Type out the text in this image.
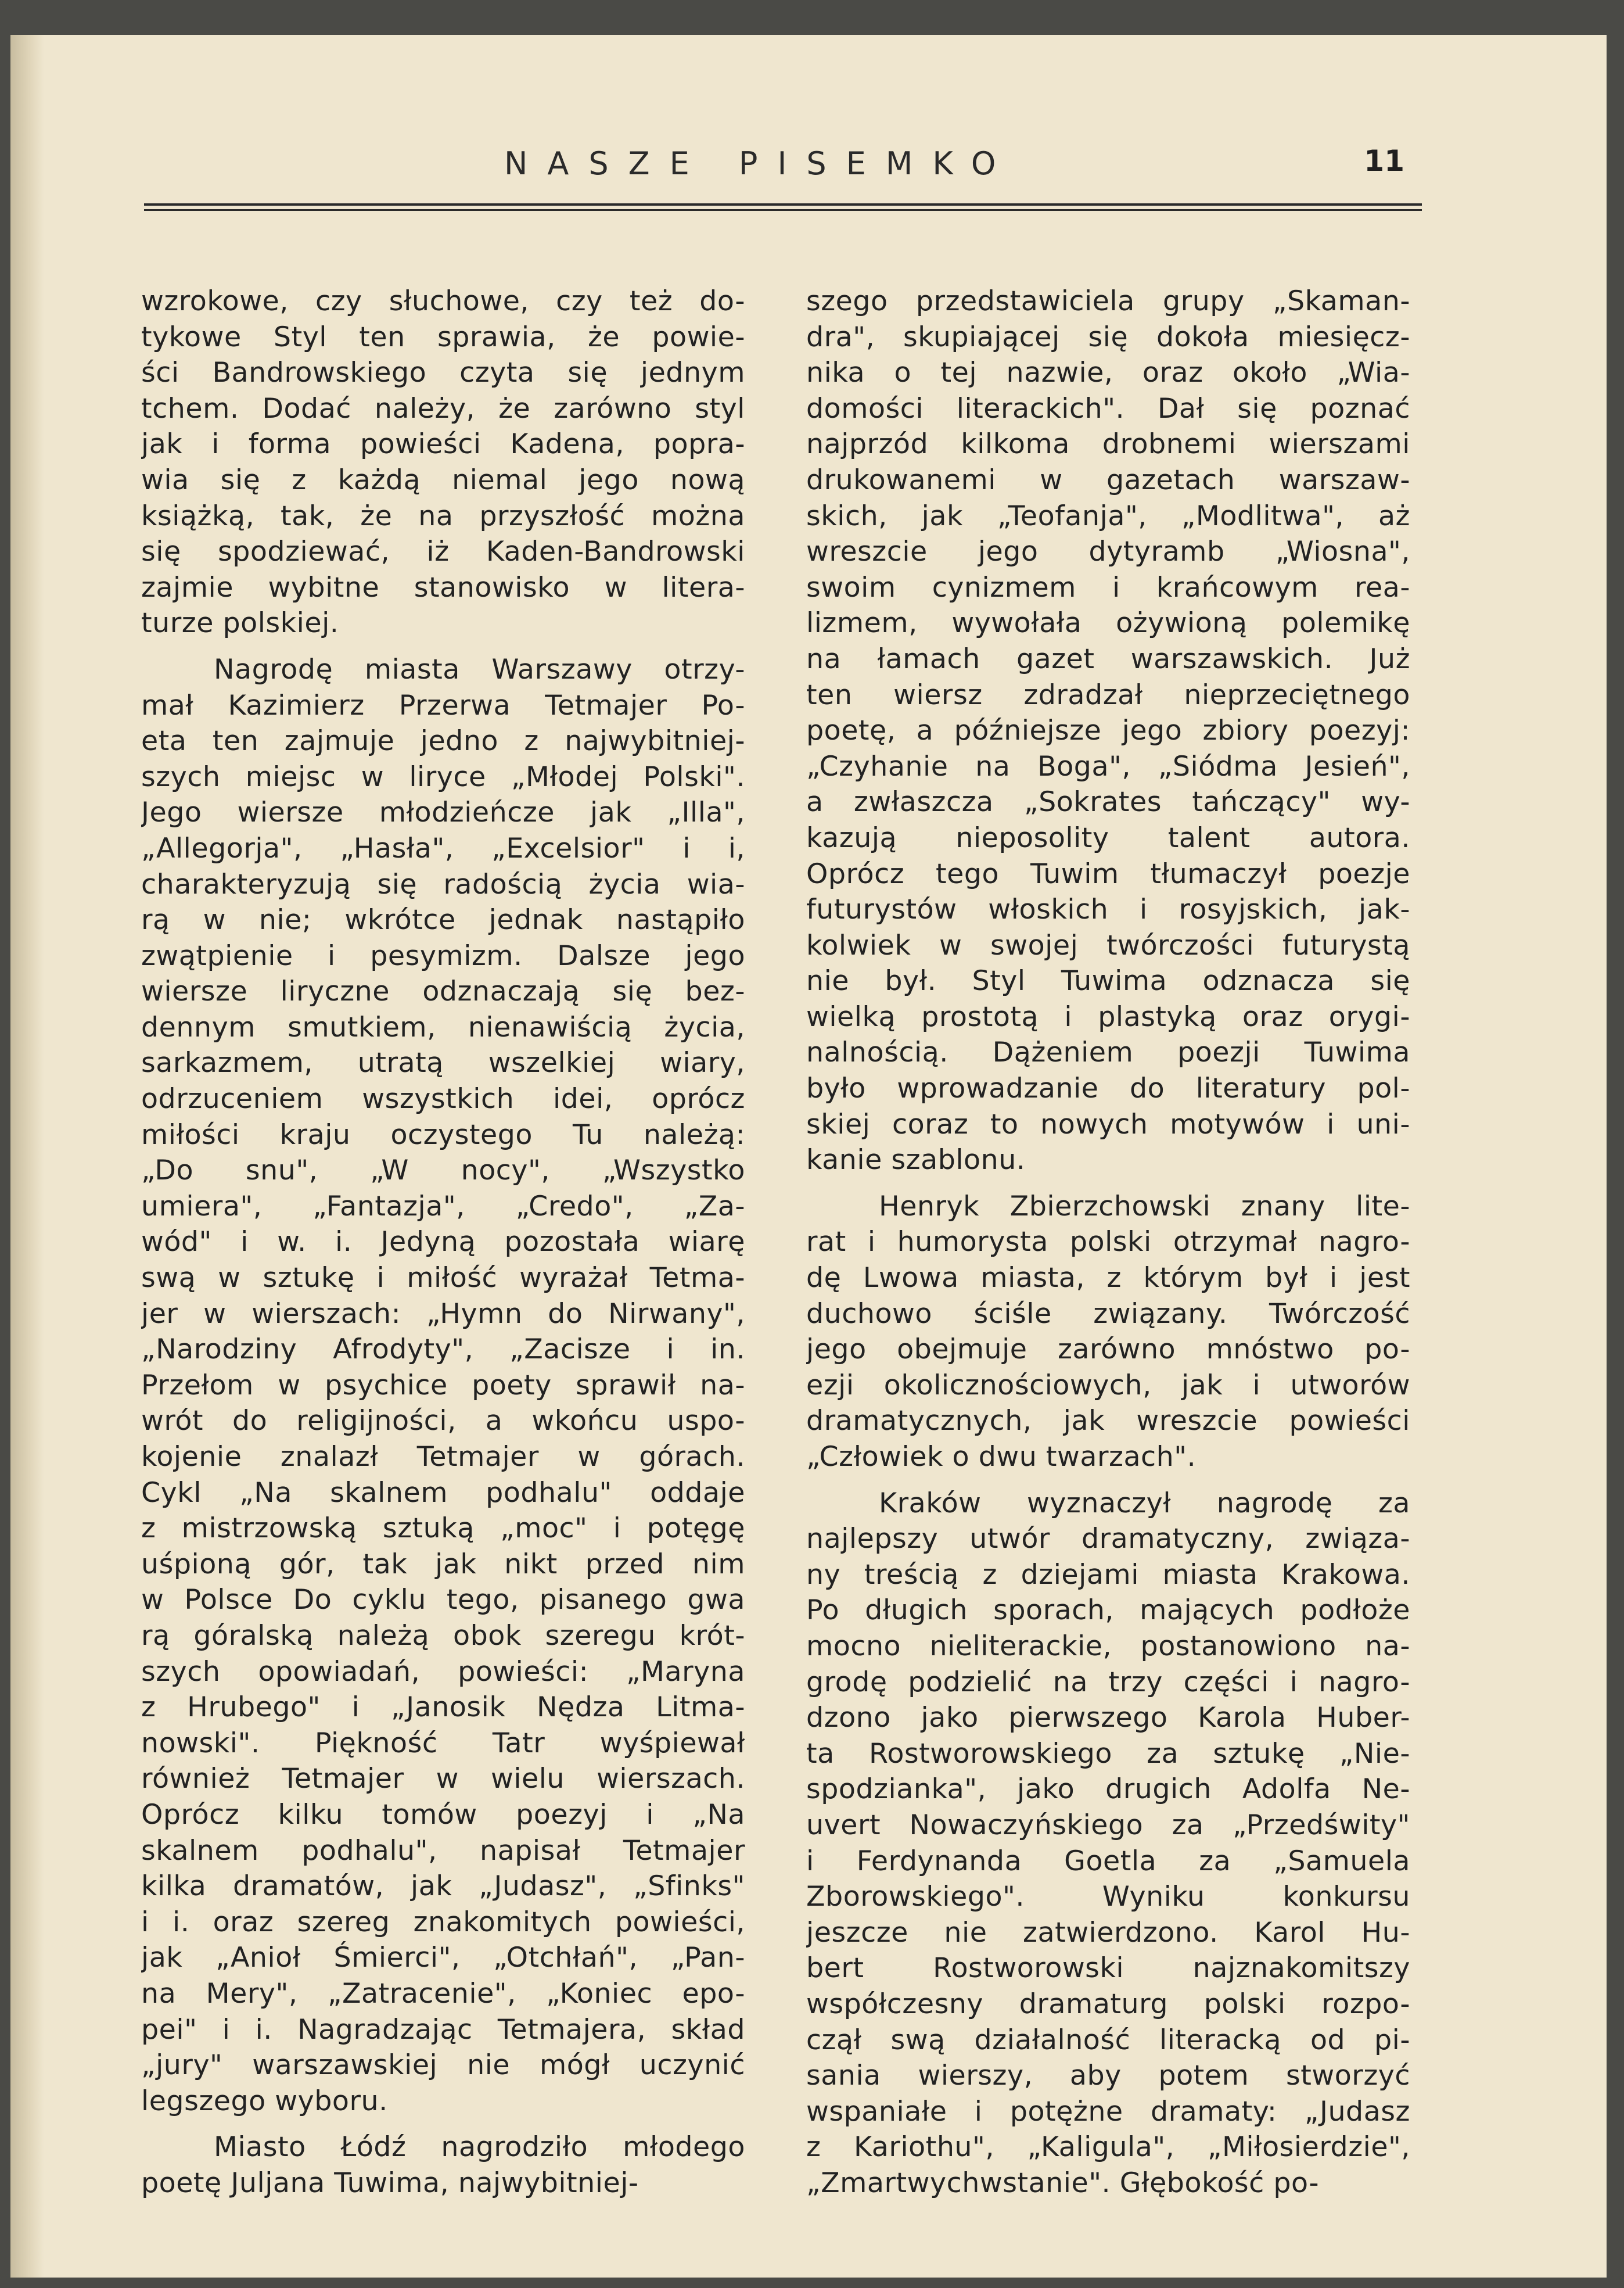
NASZE PISEMKO	11
wzrokowe, czy słuchowe, czy też do-
tykowe Styl ten sprawia, że powie-
ści Bandrowskiego czyta się jednym
tchem. Dodać należy, że zarówno styl
jak i forma powieści Kadena, popra-
wia się z każdą niemal jego nową
książką, tak, że na przyszłość można
się spodziewać, iż Kaden-Bandrowski
zajmie wybitne stanowisko w litera-
turze polskiej.
Nagrodę miasta Warszawy otrzy-
mał Kazimierz Przerwa Tetmajer Po-
eta ten zajmuje jedno z najwybitniej-
szych miejsc w liryce „Młodej Polski".
Jego wiersze młodzieńcze jak „Illa",
„Allegorja", „Hasła", „Excelsior" i i,
charakteryzują się radością życia wia-
rą w nie; wkrótce jednak nastąpiło
zwątpienie i pesymizm. Dalsze jego
wiersze liryczne odznaczają się bez-
dennym smutkiem, nienawiścią życia,
sarkazmem, utratą wszelkiej wiary,
odrzuceniem wszystkich idei, oprócz
miłości kraju oczystego Tu należą:
„Do snu", „W nocy", „Wszystko
umiera", „Fantazja", „Credo", „Za-
wód" i w. i. Jedyną pozostała wiarę
swą w sztukę i miłość wyrażał Tetma-
jer w wierszach: „Hymn do Nirwany",
„Narodziny Afrodyty", „Zacisze i in.
Przełom w psychice poety sprawił na-
wrót do religijności, a wkońcu uspo-
kojenie znalazł Tetmajer w górach.
Cykl „Na skalnem podhalu" oddaje
z mistrzowską sztuką „moc" i potęgę
uśpioną gór, tak jak nikt przed nim
w Polsce Do cyklu tego, pisanego gwa
rą góralską należą obok szeregu krót-
szych opowiadań, powieści: „Maryna
z Hrubego" i „Janosik Nędza Litma-
nowski". Piękność Tatr wyśpiewał
również Tetmajer w wielu wierszach.
Oprócz kilku tomów poezyj i „Na
skalnem podhalu", napisał Tetmajer
kilka dramatów, jak „Judasz", „Sfinks"
i i. oraz szereg znakomitych powieści,
jak „Anioł Śmierci", „Otchłań", „Pan-
na Mery", „Zatracenie", „Koniec epo-
pei" i i. Nagradzając Tetmajera, skład
„jury" warszawskiej nie mógł uczynić
legszego wyboru.
Miasto Łódź nagrodziło młodego
poetę Juljana Tuwima, najwybitniej-
szego przedstawiciela grupy „Skaman-
dra", skupiającej się dokoła miesięcz-
nika o tej nazwie, oraz około „Wia-
domości literackich". Dał się poznać
najprzód kilkoma drobnemi wierszami
drukowanemi w gazetach warszaw-
skich, jak „Teofanja", „Modlitwa", aż
wreszcie jego dytyramb „Wiosna",
swoim cynizmem i krańcowym rea-
lizmem, wywołała ożywioną polemikę
na łamach gazet warszawskich. Już
ten wiersz zdradzał nieprzeciętnego
poetę, a późniejsze jego zbiory poezyj:
„Czyhanie na Boga", „Siódma Jesień",
a zwłaszcza „Sokrates tańczący" wy-
kazują nieposolity talent autora.
Oprócz tego Tuwim tłumaczył poezje
futurystów włoskich i rosyjskich, jak-
kolwiek w swojej twórczości futurystą
nie był. Styl Tuwima odznacza się
wielką prostotą i plastyką oraz orygi-
nalnością. Dążeniem poezji Tuwima
było wprowadzanie do literatury pol-
skiej coraz to nowych motywów i uni-
kanie szablonu.
Henryk Zbierzchowski znany lite-
rat i humorysta polski otrzymał nagro-
dę Lwowa miasta, z którym był i jest
duchowo ściśle związany. Twórczość
jego obejmuje zarówno mnóstwo po-
ezji okolicznościowych, jak i utworów
dramatycznych, jak wreszcie powieści
„Człowiek o dwu twarzach".
Kraków wyznaczył nagrodę za
najlepszy utwór dramatyczny, związa-
ny treścią z dziejami miasta Krakowa.
Po długich sporach, mających podłoże
mocno nieliterackie, postanowiono na-
grodę podzielić na trzy części i nagro-
dzono jako pierwszego Karola Huber-
ta Rostworowskiego za sztukę „Nie-
spodzianka", jako drugich Adolfa Ne-
uvert Nowaczyńskiego za „Przedświty"
i Ferdynanda Goetla za „Samuela
Zborowskiego". Wyniku konkursu
jeszcze nie zatwierdzono. Karol Hu-
bert Rostworowski najznakomitszy
współczesny dramaturg polski rozpo-
czął swą działalność literacką od pi-
sania wierszy, aby potem stworzyć
wspaniałe i potężne dramaty: „Judasz
z Kariothu", „Kaligula", „Miłosierdzie",
„Zmartwychwstanie". Głębokość po-
